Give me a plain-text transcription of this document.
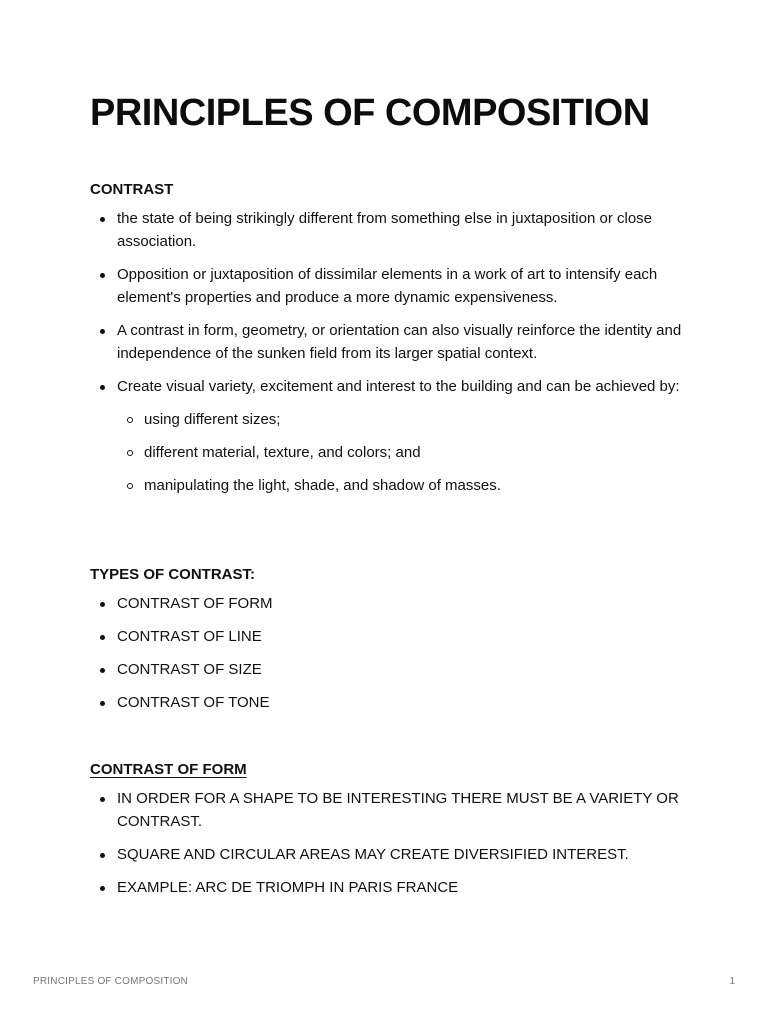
PRINCIPLES OF COMPOSITION

CONTRAST

the state of being strikingly different from something else in juxtaposition or close association.
Opposition or juxtaposition of dissimilar elements in a work of art to intensify each element's properties and produce a more dynamic expensiveness.
A contrast in form, geometry, or orientation can also visually reinforce the identity and independence of the sunken field from its larger spatial context.
Create visual variety, excitement and interest to the building and can be achieved by:
using different sizes;
different material, texture, and colors; and
manipulating the light, shade, and shadow of masses.

TYPES OF CONTRAST:

CONTRAST OF FORM
CONTRAST OF LINE
CONTRAST OF SIZE
CONTRAST OF TONE

CONTRAST OF FORM

IN ORDER FOR A SHAPE TO BE INTERESTING THERE MUST BE A VARIETY OR CONTRAST.
SQUARE AND CIRCULAR AREAS MAY CREATE DIVERSIFIED INTEREST.
EXAMPLE: ARC DE TRIOMPH IN PARIS FRANCE
PRINCIPLES OF COMPOSITION	1
